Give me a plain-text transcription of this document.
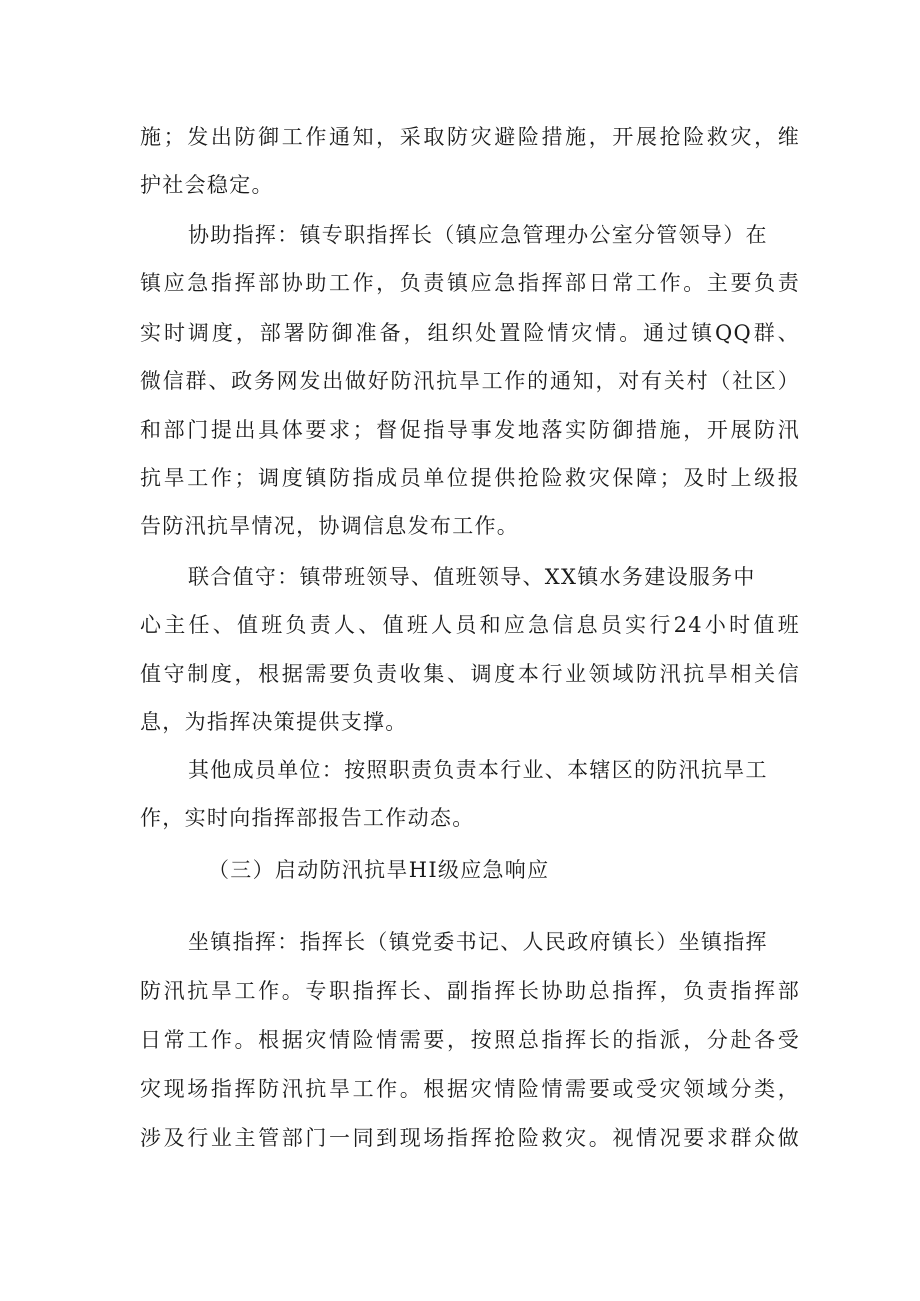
施；发出防御工作通知，采取防灾避险措施，开展抢险救灾，维
护社会稳定。
协助指挥：镇专职指挥长（镇应急管理办公室分管领导）在
镇应急指挥部协助工作，负责镇应急指挥部日常工作。主要负责
实时调度，部署防御准备，组织处置险情灾情。通过镇QQ群、
微信群、政务网发出做好防汛抗旱工作的通知，对有关村（社区）
和部门提出具体要求；督促指导事发地落实防御措施，开展防汛
抗旱工作；调度镇防指成员单位提供抢险救灾保障；及时上级报
告防汛抗旱情况，协调信息发布工作。
联合值守：镇带班领导、值班领导、XX镇水务建设服务中
心主任、值班负责人、值班人员和应急信息员实行24小时值班
值守制度，根据需要负责收集、调度本行业领域防汛抗旱相关信
息，为指挥决策提供支撑。
其他成员单位：按照职责负责本行业、本辖区的防汛抗旱工
作，实时向指挥部报告工作动态。
（三）启动防汛抗旱HI级应急响应
坐镇指挥：指挥长（镇党委书记、人民政府镇长）坐镇指挥
防汛抗旱工作。专职指挥长、副指挥长协助总指挥，负责指挥部
日常工作。根据灾情险情需要，按照总指挥长的指派，分赴各受
灾现场指挥防汛抗旱工作。根据灾情险情需要或受灾领域分类，
涉及行业主管部门一同到现场指挥抢险救灾。视情况要求群众做
